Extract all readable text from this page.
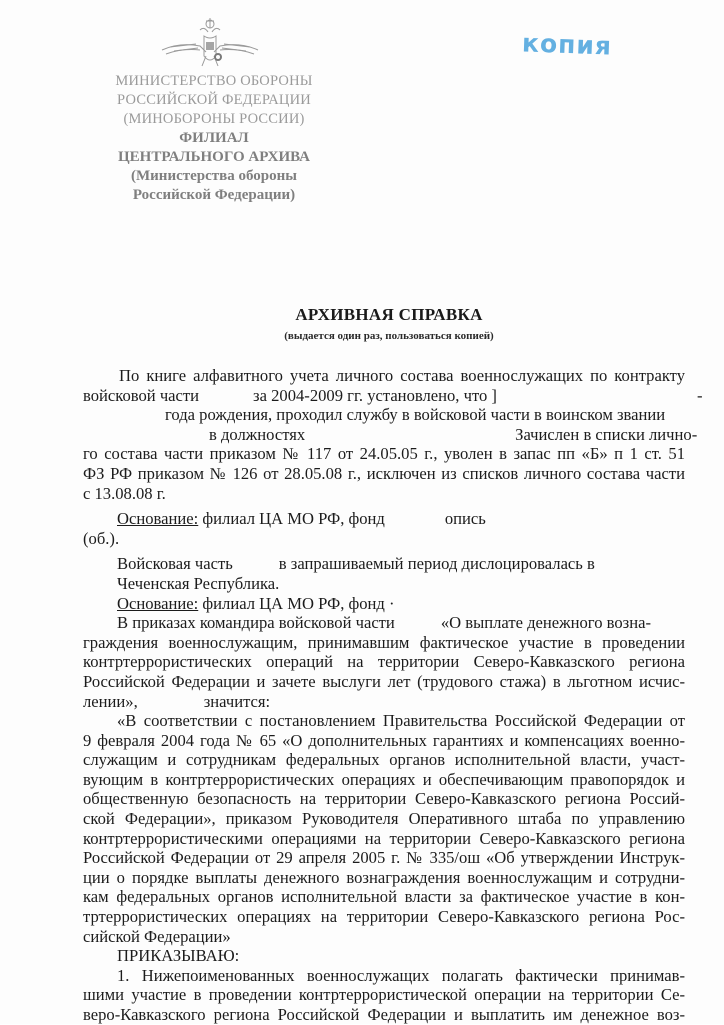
МИНИСТЕРСТВО ОБОРОНЫ
РОССИЙСКОЙ ФЕДЕРАЦИИ
(МИНОБОРОНЫ РОССИИ)
ФИЛИАЛ
ЦЕНТРАЛЬНОГО АРХИВА
(Министерства обороны
Российской Федерации)
копия
АРХИВНАЯ СПРАВКА
(выдается один раз, пользоваться копией)
По книге алфавитного учета личного состава военнослужащих по контракту
войсковой части	за 2004-2009 гг. установлено, что ]	-
года рождения, проходил службу в войсковой части в воинском звании
в должностях	Зачислен в списки лично-
го состава части приказом № 117 от 24.05.05 г., уволен в запас пп «Б» п 1 ст. 51
ФЗ РФ приказом № 126 от 28.05.08 г., исключен из списков личного состава части
с 13.08.08 г.
Основание: филиал ЦА МО РФ, фонд	опись
(об.).
Войсковая часть	в запрашиваемый период дислоцировалась в
Чеченская Республика.
Основание: филиал ЦА МО РФ, фонд ·
В приказах командира войсковой части	«О выплате денежного возна-
граждения военнослужащим, принимавшим фактическое участие в проведении
контртеррористических операций на территории Северо-Кавказского региона
Российской Федерации и зачете выслуги лет (трудового стажа) в льготном исчис-
лении»,	значится:
«В соответствии с постановлением Правительства Российской Федерации от
9 февраля 2004 года № 65 «О дополнительных гарантиях и компенсациях военно-
служащим и сотрудникам федеральных органов исполнительной власти, участ-
вующим в контртеррористических операциях и обеспечивающим правопорядок и
общественную безопасность на территории Северо-Кавказского региона Россий-
ской Федерации», приказом Руководителя Оперативного штаба по управлению
контртеррористическими операциями на территории Северо-Кавказского региона
Российской Федерации от 29 апреля 2005 г. № 335/ош «Об утверждении Инструк-
ции о порядке выплаты денежного вознаграждения военнослужащим и сотрудни-
кам федеральных органов исполнительной власти за фактическое участие в кон-
тртеррористических операциях на территории Северо-Кавказского региона Рос-
сийской Федерации»
ПРИКАЗЫВАЮ:
1. Нижепоименованных военнослужащих полагать фактически принимав-
шими участие в проведении контртеррористической операции на территории Се-
веро-Кавказского региона Российской Федерации и выплатить им денежное воз-
